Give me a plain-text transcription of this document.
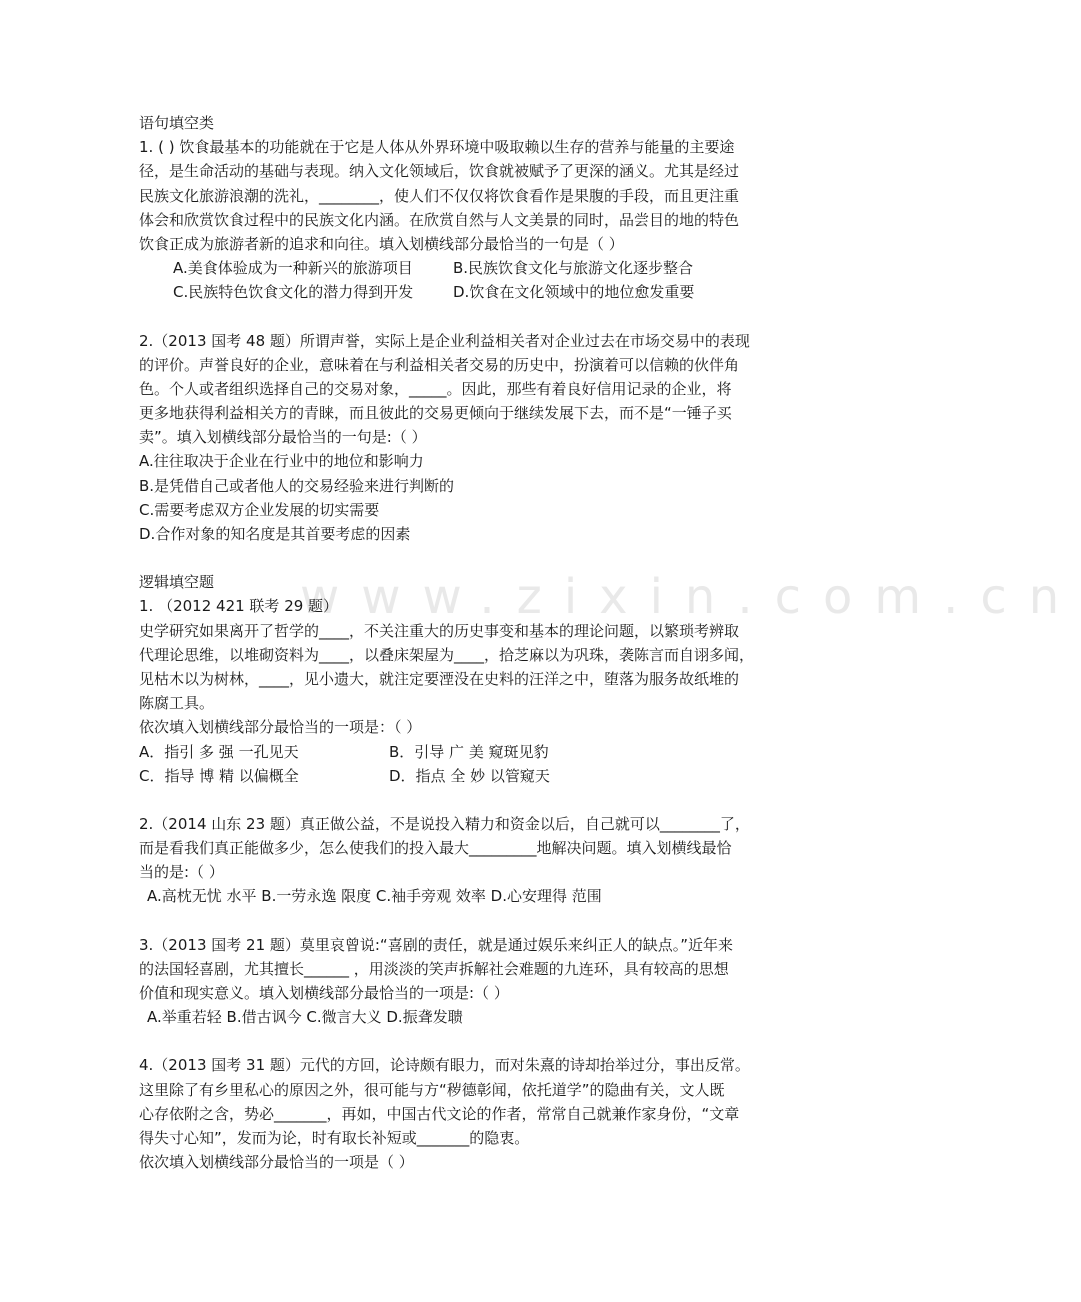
www.zixin.com.cn
语句填空类
1. ( ) 饮食最基本的功能就在于它是人体从外界环境中吸取赖以生存的营养与能量的主要途
径，是生命活动的基础与表现。纳入文化领域后，饮食就被赋予了更深的涵义。尤其是经过
民族文化旅游浪潮的洗礼，________，使人们不仅仅将饮食看作是果腹的手段，而且更注重
体会和欣赏饮食过程中的民族文化内涵。在欣赏自然与人文美景的同时，品尝目的地的特色
饮食正成为旅游者新的追求和向往。填入划横线部分最恰当的一句是（ ）
A.美食体验成为一种新兴的旅游项目	B.民族饮食文化与旅游文化逐步整合
C.民族特色饮食文化的潜力得到开发	D.饮食在文化领域中的地位愈发重要
2.（2013 国考 48 题）所谓声誉，实际上是企业利益相关者对企业过去在市场交易中的表现
的评价。声誉良好的企业，意味着在与利益相关者交易的历史中，扮演着可以信赖的伙伴角
色。个人或者组织选择自己的交易对象，_____。因此，那些有着良好信用记录的企业，将
更多地获得利益相关方的青睐，而且彼此的交易更倾向于继续发展下去，而不是“一锤子买
卖”。填入划横线部分最恰当的一句是:（ ）
A.往往取决于企业在行业中的地位和影响力
B.是凭借自己或者他人的交易经验来进行判断的
C.需要考虑双方企业发展的切实需要
D.合作对象的知名度是其首要考虑的因素
逻辑填空题
1. （2012 421 联考 29 题）
史学研究如果离开了哲学的____，不关注重大的历史事变和基本的理论问题，以繁琐考辨取
代理论思维，以堆砌资料为____，以叠床架屋为____，拾芝麻以为巩珠，袭陈言而自诩多闻，
见枯木以为树林，____，见小遗大，就注定要湮没在史料的汪洋之中，堕落为服务故纸堆的
陈腐工具。
依次填入划横线部分最恰当的一项是：（ ）
A．指引 多 强 一孔见天	B．引导 广 美 窥斑见豹
C．指导 博 精 以偏概全	D．指点 全 妙 以管窥天
2.（2014 山东 23 题）真正做公益，不是说投入精力和资金以后，自己就可以________了，
而是看我们真正能做多少，怎么使我们的投入最大_________地解决问题。填入划横线最恰
当的是:（ ）
A.高枕无忧 水平 B.一劳永逸 限度 C.袖手旁观 效率 D.心安理得 范围
3.（2013 国考 21 题）莫里哀曾说:“喜剧的责任，就是通过娱乐来纠正人的缺点。”近年来
的法国轻喜剧，尤其擅长______ ，用淡淡的笑声拆解社会难题的九连环，具有较高的思想
价值和现实意义。填入划横线部分最恰当的一项是:（ ）
A.举重若轻 B.借古讽今 C.微言大义 D.振聋发聩
4.（2013 国考 31 题）元代的方回，论诗颇有眼力，而对朱熹的诗却抬举过分，事出反常。
这里除了有乡里私心的原因之外，很可能与方“秽德彰闻，依托道学”的隐曲有关，文人既
心存依附之含，势必_______，再如，中国古代文论的作者，常常自己就兼作家身份，“文章
得失寸心知”，发而为论，时有取长补短或_______的隐衷。
依次填入划横线部分最恰当的一项是（ ）
